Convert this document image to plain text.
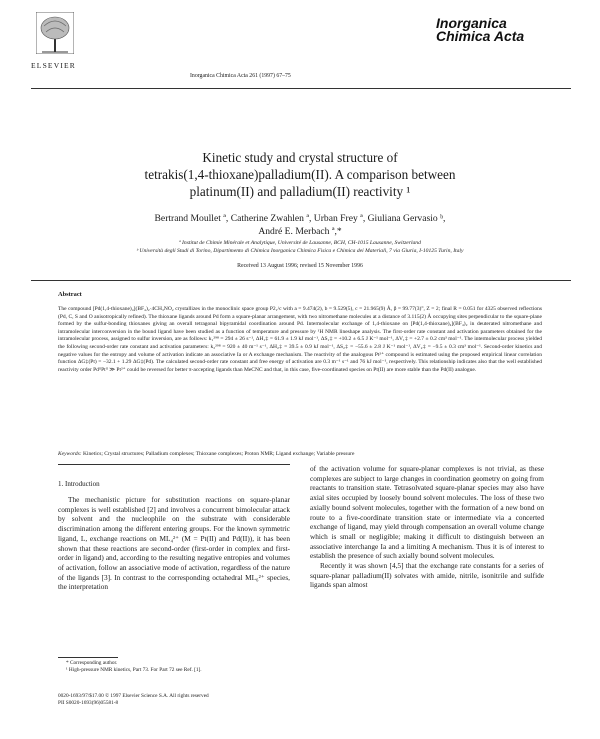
ELSEVIER
Inorganica
Chimica Acta
Inorganica Chimica Acta 261 (1997) 67–75
Kinetic study and crystal structure of
tetrakis(1,4-thioxane)palladium(II). A comparison between
platinum(II) and palladium(II) reactivity ¹
Bertrand Moullet ª, Catherine Zwahlen ª, Urban Frey ª, Giuliana Gervasio ᵇ,
André E. Merbach ª,*
ª Institut de Chimie Minérale et Analytique, Université de Lausanne, BCH, CH-1015 Lausanne, Switzerland
ᵇ Università degli Studi di Torino, Dipartimento di Chimica Inorganica Chimica Fisica e Chimica dei Materiali, 7 via Giuria, I-10125 Turin, Italy
Received 13 August 1996; revised 15 November 1996
Abstract
The compound [Pd(1,4-thioxane)₄](BF₄)₂·4CH₃NO₂ crystallizes in the monoclinic space group P2₁/c with a = 9.474(2), b = 9.529(5), c = 21.965(9) Å, β = 99.77(3)°, Z = 2; final R = 0.051 for 4325 observed reflections (Pd, C, S and O anisotropically refined). The thioxane ligands around Pd form a square-planar arrangement, with two nitromethane molecules at a distance of 3.115(2) Å occupying sites perpendicular to the square-plane formed by the sulfur-bonding thioxanes giving an overall tetragonal bipyramidal coordination around Pd. Intermolecular exchange of 1,4-thioxane on [Pd(1,4-thioxane)₄](BF₄)₂ in deuterated nitromethane and intramolecular interconversion in the bound ligand have been studied as a function of temperature and pressure by ¹H NMR lineshape analysis. The first-order rate constant and activation parameters obtained for the intramolecular process, assigned to sulfur inversion, are as follows: k₁²⁹⁸ = 294 ± 26 s⁻¹, ΔH₁‡ = 61.9 ± 1.9 kJ mol⁻¹, ΔS₁‡ = +10.2 ± 6.5 J K⁻¹ mol⁻¹, ΔV₁‡ = +2.7 ± 0.2 cm³ mol⁻¹. The intermolecular process yielded the following second-order rate constant and activation parameters: k₂²⁹⁸ = 920 ± 40 m⁻¹ s⁻¹, ΔH₂‡ = 39.5 ± 0.9 kJ mol⁻¹, ΔS₂‡ = −55.6 ± 2.8 J K⁻¹ mol⁻¹, ΔV₂‡ = −9.5 ± 0.3 cm³ mol⁻¹. Second-order kinetics and negative values for the entropy and volume of activation indicate an associative Ia or A exchange mechanism. The reactivity of the analogous Pt²⁺ compound is estimated using the proposed empirical linear correlation function ΔG‡(Pt) = −32.1 + 1.29 ΔG‡(Pd). The calculated second-order rate constant and free energy of activation are 0.3 m⁻¹ s⁻¹ and 76 kJ mol⁻¹, respectively. This relationship indicates also that the well established reactivity order PdᴵᴵPtᴵᴵ ≫ Pt²⁺ could be reversed for better π-accepting ligands than MeCNC and that, in this case, five-coordinated species on Pt(II) are more stable than the Pd(II) analogue.
Keywords: Kinetics; Crystal structures; Palladium complexes; Thioxane complexes; Proton NMR; Ligand exchange; Variable pressure
1. Introduction

The mechanistic picture for substitution reactions on square-planar complexes is well established [2] and involves a concurrent bimolecular attack by solvent and the nucleophile on the substrate with considerable discrimination among the different entering groups. For the known symmetric ligand, L, exchange reactions on ML₄²⁺ (M = Pt(II) and Pd(II)), it has been shown that these reactions are second-order (first-order in complex and first-order in ligand) and, according to the resulting negative entropies and volumes of activation, follow an associative mode of activation, regardless of the nature of the ligands [3]. In contrast to the corresponding octahedral ML₆²⁺ species, the interpretation

of the activation volume for square-planar complexes is not trivial, as these complexes are subject to large changes in coordination geometry on going from reactants to transition state. Tetrasolvated square-planar species may also have axial sites occupied by loosely bound solvent molecules. The loss of these two axially bound solvent molecules, together with the formation of a new bond on route to a five-coordinate transition state or intermediate via a concerted exchange of ligand, may yield through compensation an overall volume change which is small or negligible; making it difficult to distinguish between an associative interchange Ia and a limiting A mechanism. Thus it is of interest to establish the presence of such axially bound solvent molecules.

Recently it was shown [4,5] that the exchange rate constants for a series of square-planar palladium(II) solvates with amide, nitrile, isonitrile and sulfide ligands span almost

* Corresponding author.
¹ High-pressure NMR kinetics, Part 73. For Part 72 see Ref. [1].
0020-1693/97/$17.00 © 1997 Elsevier Science S.A. All rights reserved
PII S0020-1693(96)05581-8
